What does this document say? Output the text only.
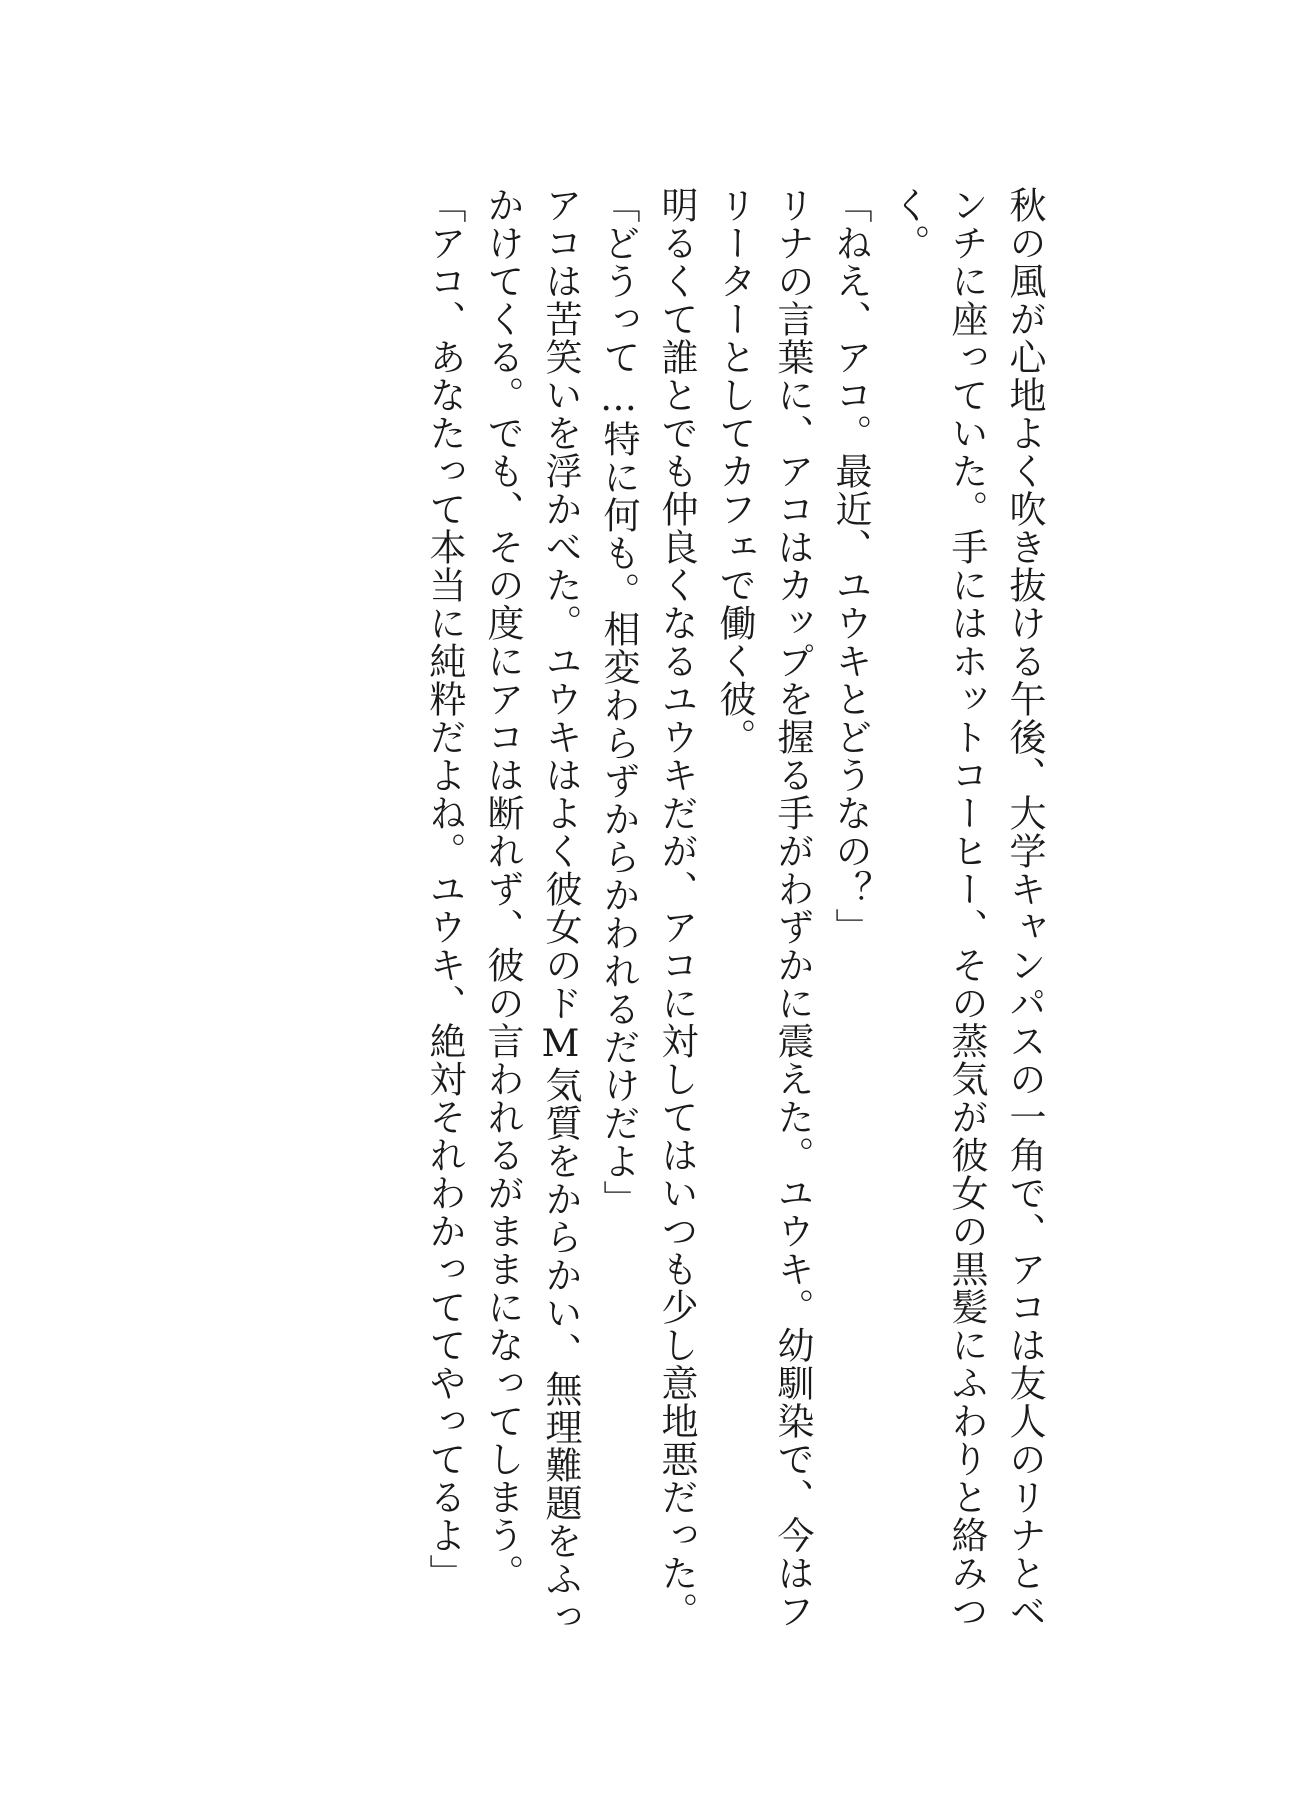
秋の風が心地よく吹き抜ける午後、大学キャンパスの一角で、アコは友人のリナとベンチに座っていた。手にはホットコーヒー、その蒸気が彼女の黒髪にふわりと絡みつく。

「ねえ、アコ。最近、ユウキとどうなの？」

リナの言葉に、アコはカップを握る手がわずかに震えた。ユウキ。幼馴染で、今はフリーターとしてカフェで働く彼。

明るくて誰とでも仲良くなるユウキだが、アコに対してはいつも少し意地悪だった。

「どうって…特に何も。相変わらずからかわれるだけだよ」

アコは苦笑いを浮かべた。ユウキはよく彼女のドM気質をからかい、無理難題をふっかけてくる。でも、その度にアコは断れず、彼の言われるがままになってしまう。

「アコ、あなたって本当に純粋だよね。ユウキ、絶対それわかっててやってるよ」
